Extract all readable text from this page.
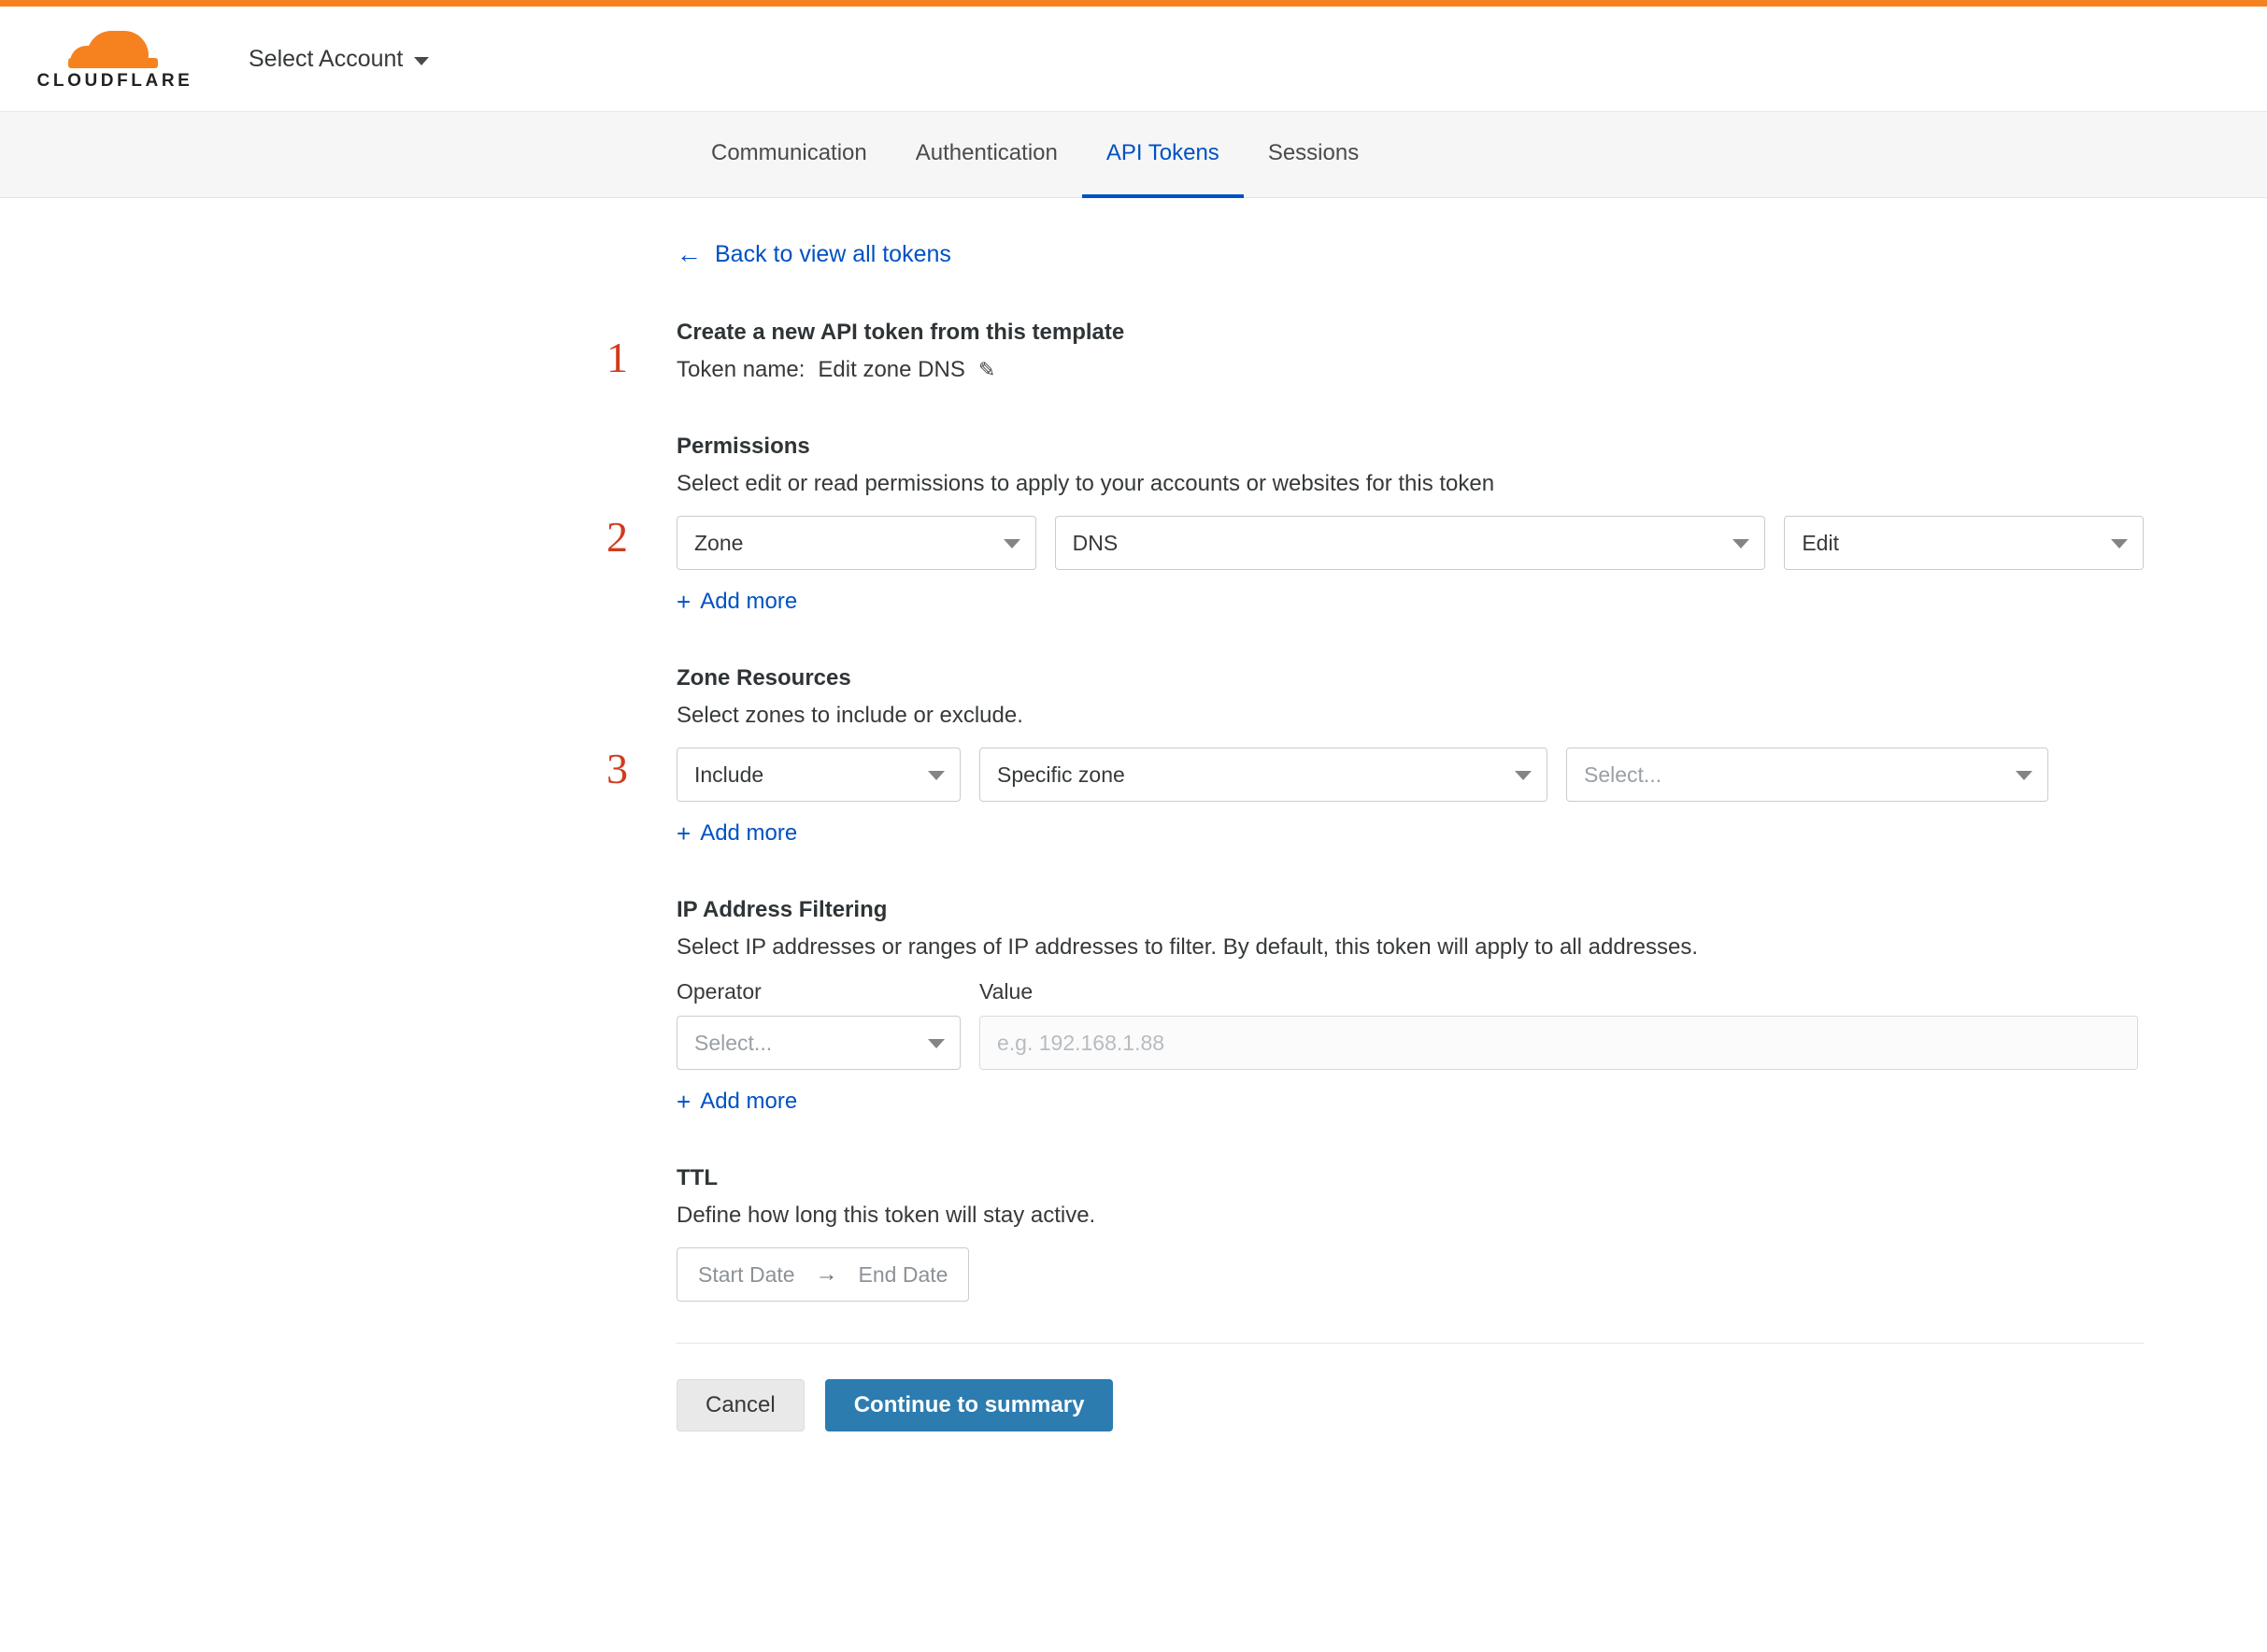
CLOUDFLARE
Select Account
Communication Authentication API Tokens Sessions
← Back to view all tokens
1
Create a new API token from this template
Token name: Edit zone DNS ✎
2
Permissions
Select edit or read permissions to apply to your accounts or websites for this token
Zone	DNS	Edit
+ Add more
3
Zone Resources
Select zones to include or exclude.
Include	Specific zone	Select...
+ Add more
IP Address Filtering
Select IP addresses or ranges of IP addresses to filter. By default, this token will apply to all addresses.
Operator
Select...
Value
e.g. 192.168.1.88
+ Add more
TTL
Define how long this token will stay active.
Start Date → End Date
Cancel	Continue to summary
